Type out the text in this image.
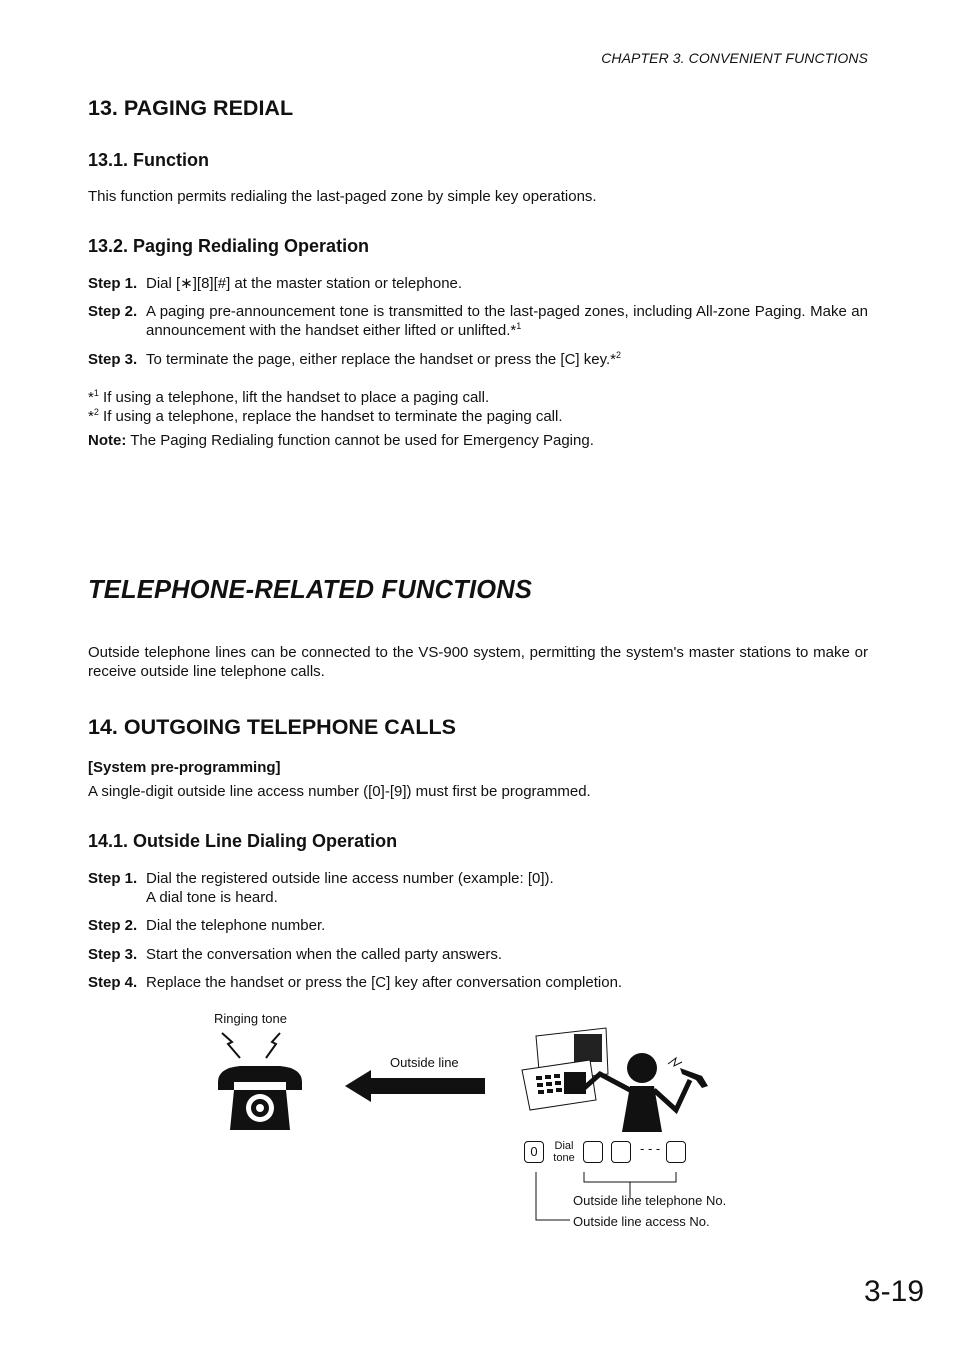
CHAPTER 3. CONVENIENT FUNCTIONS
13. PAGING REDIAL
13.1. Function
This function permits redialing the last-paged zone by simple key operations.
13.2. Paging Redialing Operation
Step 1. Dial [∗][8][#] at the master station or telephone.
Step 2. A paging pre-announcement tone is transmitted to the last-paged zones, including All-zone Paging. Make an announcement with the handset either lifted or unlifted.*$^1$
Step 3. To terminate the page, either replace the handset or press the [C] key.*$^2$
*$^1$ If using a telephone, lift the handset to place a paging call.
*$^2$ If using a telephone, replace the handset to terminate the paging call.
Note: The Paging Redialing function cannot be used for Emergency Paging.
TELEPHONE-RELATED FUNCTIONS
Outside telephone lines can be connected to the VS-900 system, permitting the system's master stations to make or receive outside line telephone calls.
14. OUTGOING TELEPHONE CALLS
[System pre-programming]
A single-digit outside line access number ([0]-[9]) must first be programmed.
14.1. Outside Line Dialing Operation
Step 1. Dial the registered outside line access number (example: [0]).
A dial tone is heard.
Step 2. Dial the telephone number.
Step 3. Start the conversation when the called party answers.
Step 4. Replace the handset or press the [C] key after conversation completion.
Ringing tone
Outside line
0	Dial
tone
- - -
Outside line telephone No.
Outside line access No.
3-19
